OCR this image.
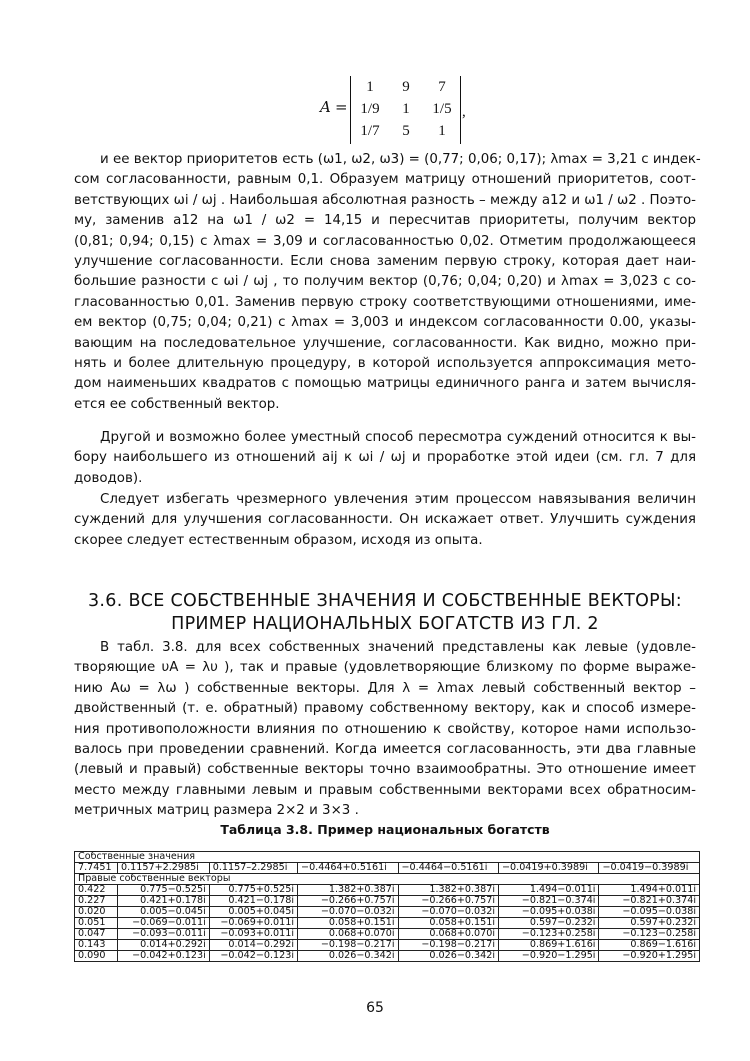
A =
1 9 7
1/9 1 1/5
1/7 5 1
,
и ее вектор приоритетов есть (ω1, ω2, ω3) = (0,77; 0,06; 0,17); λmax = 3,21 с индек-
сом согласованности, равным 0,1. Образуем матрицу отношений приоритетов, соот-
ветствующих ωi / ωj . Наибольшая абсолютная разность – между a12 и ω1 / ω2 . Поэто-
му, заменив a12 на ω1 / ω2 = 14,15 и пересчитав приоритеты, получим вектор
(0,81; 0,94; 0,15) с λmax = 3,09 и согласованностью 0,02. Отметим продолжающееся
улучшение согласованности. Если снова заменим первую строку, которая дает наи-
большие разности с ωi / ωj , то получим вектор (0,76; 0,04; 0,20) и λmax = 3,023 с со-
гласованностью 0,01. Заменив первую строку соответствующими отношениями, име-
ем вектор (0,75; 0,04; 0,21) с λmax = 3,003 и индексом согласованности 0.00, указы-
вающим на последовательное улучшение, согласованности. Как видно, можно при-
нять и более длительную процедуру, в которой используется аппроксимация мето-
дом наименьших квадратов с помощью матрицы единичного ранга и затем вычисля-
ется ее собственный вектор.
Другой и возможно более уместный способ пересмотра суждений относится к вы-
бору наибольшего из отношений aij к ωi / ωj и проработке этой идеи (см. гл. 7 для
доводов).
Следует избегать чрезмерного увлечения этим процессом навязывания величин
суждений для улучшения согласованности. Он искажает ответ. Улучшить суждения
скорее следует естественным образом, исходя из опыта.
3.6. ВСЕ СОБСТВЕННЫЕ ЗНАЧЕНИЯ И СОБСТВЕННЫЕ ВЕКТОРЫ:
ПРИМЕР НАЦИОНАЛЬНЫХ БОГАТСТВ ИЗ ГЛ. 2
В табл. 3.8. для всех собственных значений представлены как левые (удовле-
творяющие υA = λυ ), так и правые (удовлетворяющие близкому по форме выраже-
нию Aω = λω ) собственные векторы. Для λ = λmax левый собственный вектор –
двойственный (т. е. обратный) правому собственному вектору, как и способ измере-
ния противоположности влияния по отношению к свойству, которое нами использо-
валось при проведении сравнений. Когда имеется согласованность, эти два главные
(левый и правый) собственные векторы точно взаимообратны. Это отношение имеет
место между главными левым и правым собственными векторами всех обратносим-
метричных матриц размера 2×2 и 3×3 .
Таблица 3.8. Пример национальных богатств
Собственные значения						
7.7451	0.1157+2.2985i	0.1157–2.2985i	−0.4464+0.5161i	−0.4464−0.5161i	−0.0419+0.3989i	−0.0419−0.3989i
Правые собственные векторы						
0.422	0.775−0.525i	0.775+0.525i	1.382+0.387i	1.382+0.387i	1.494−0.011i	1.494+0.011i
0.227	0.421+0.178i	0.421−0.178i	−0.266+0.757i	−0.266+0.757i	−0.821−0.374i	−0.821+0.374i
0.020	0.005−0.045i	0.005+0.045i	−0.070−0.032i	−0.070−0.032i	−0.095+0.038i	−0.095−0.038i
0.051	−0.069−0.011i	−0.069+0.011i	0.058+0.151i	0.058+0.151i	0.597−0.232i	0.597+0.232i
0.047	−0.093−0.011i	−0.093+0.011i	0.068+0.070i	0.068+0.070i	−0.123+0.258i	−0.123−0.258i
0.143	0.014+0.292i	0.014−0.292i	−0.198−0.217i	−0.198−0.217i	0.869+1.616i	0.869−1.616i
0.090	−0.042+0.123i	−0.042−0.123i	0.026−0.342i	0.026−0.342i	−0.920−1.295i	−0.920+1.295i
65
